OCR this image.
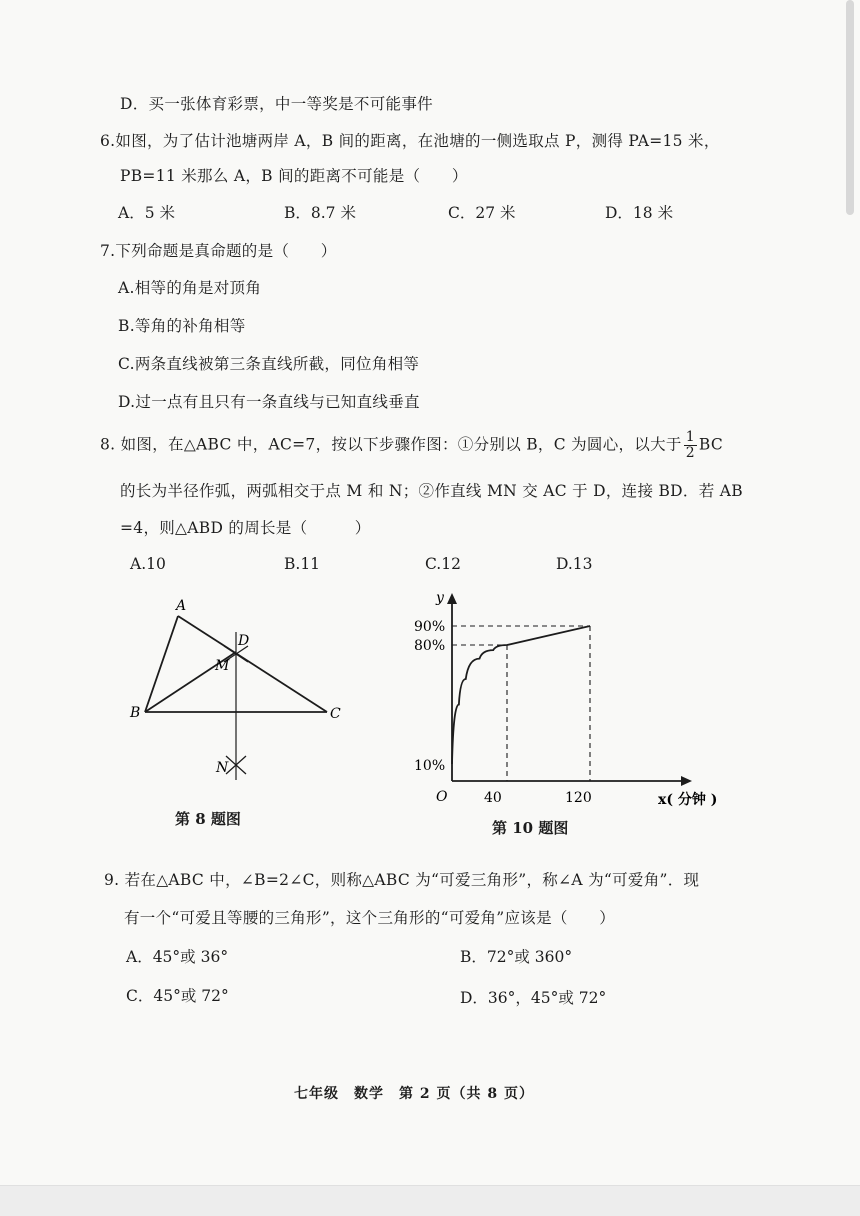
D．买一张体育彩票，中一等奖是不可能事件
6.如图，为了估计池塘两岸 A，B 间的距离，在池塘的一侧选取点 P，测得 PA=15 米，
PB=11 米那么 A，B 间的距离不可能是（　　）
A．5 米	B．8.7 米	C．27 米	D．18 米
7.下列命题是真命题的是（　　）
A.相等的角是对顶角
B.等角的补角相等
C.两条直线被第三条直线所截，同位角相等
D.过一点有且只有一条直线与已知直线垂直
8. 如图，在△ABC 中，AC=7，按以下步骤作图：①分别以 B，C 为圆心，以大于 $\frac{1}{2}$ BC
的长为半径作弧，两弧相交于点 M 和 N；②作直线 MN 交 AC 于 D，连接 BD．若 AB
=4，则△ABD 的周长是（　　　）
A.10	B.11	C.12	D.13
A
B	C
D
M
N
第 8 题图
y
x( 分钟 )
O
90%
80%
10%
40	120
第 10 题图
9. 若在△ABC 中，∠B=2∠C，则称△ABC 为“可爱三角形”，称∠A 为“可爱角”．现
有一个“可爱且等腰的三角形”，这个三角形的“可爱角”应该是（　　）
A．45°或 36°	B．72°或 360°
C．45°或 72°	D．36°，45°或 72°
七年级　数学　第 2 页（共 8 页）
